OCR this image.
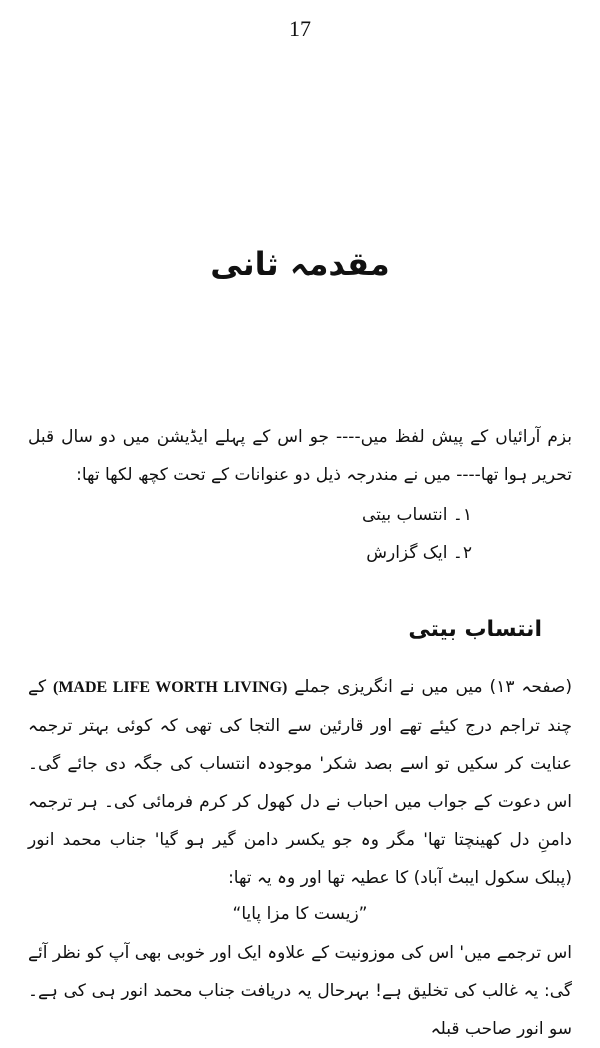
17
مقدمہ ثانی

بزم آرائیاں کے پیش لفظ میں---- جو اس کے پہلے ایڈیشن میں دو سال قبل تحریر ہوا تھا---- میں نے مندرجہ ذیل دو عنوانات کے تحت کچھ لکھا تھا:

۱۔ انتساب بیتی
۲۔ ایک گزارش
انتساب بیتی

(صفحہ ۱۳) میں میں نے انگریزی جملے (MADE LIFE WORTH LIVING) کے چند تراجم درج کیئے تھے اور قارئین سے التجا کی تھی کہ کوئی بہتر ترجمہ عنایت کر سکیں تو اسے بصد شکر' موجودہ انتساب کی جگہ دی جائے گی۔ اس دعوت کے جواب میں احباب نے دل کھول کر کرم فرمائی کی۔ ہر ترجمہ دامنِ دل کھینچتا تھا' مگر وہ جو یکسر دامن گیر ہو گیا' جناب محمد انور (پبلک سکول ایبٹ آباد) کا عطیہ تھا اور وہ یہ تھا:

”زیست کا مزا پایا“

اس ترجمے میں' اس کی موزونیت کے علاوہ ایک اور خوبی بھی آپ کو نظر آئے گی: یہ غالب کی تخلیق ہے! بہرحال یہ دریافت جناب محمد انور ہی کی ہے۔ سو انور صاحب قبلہ
